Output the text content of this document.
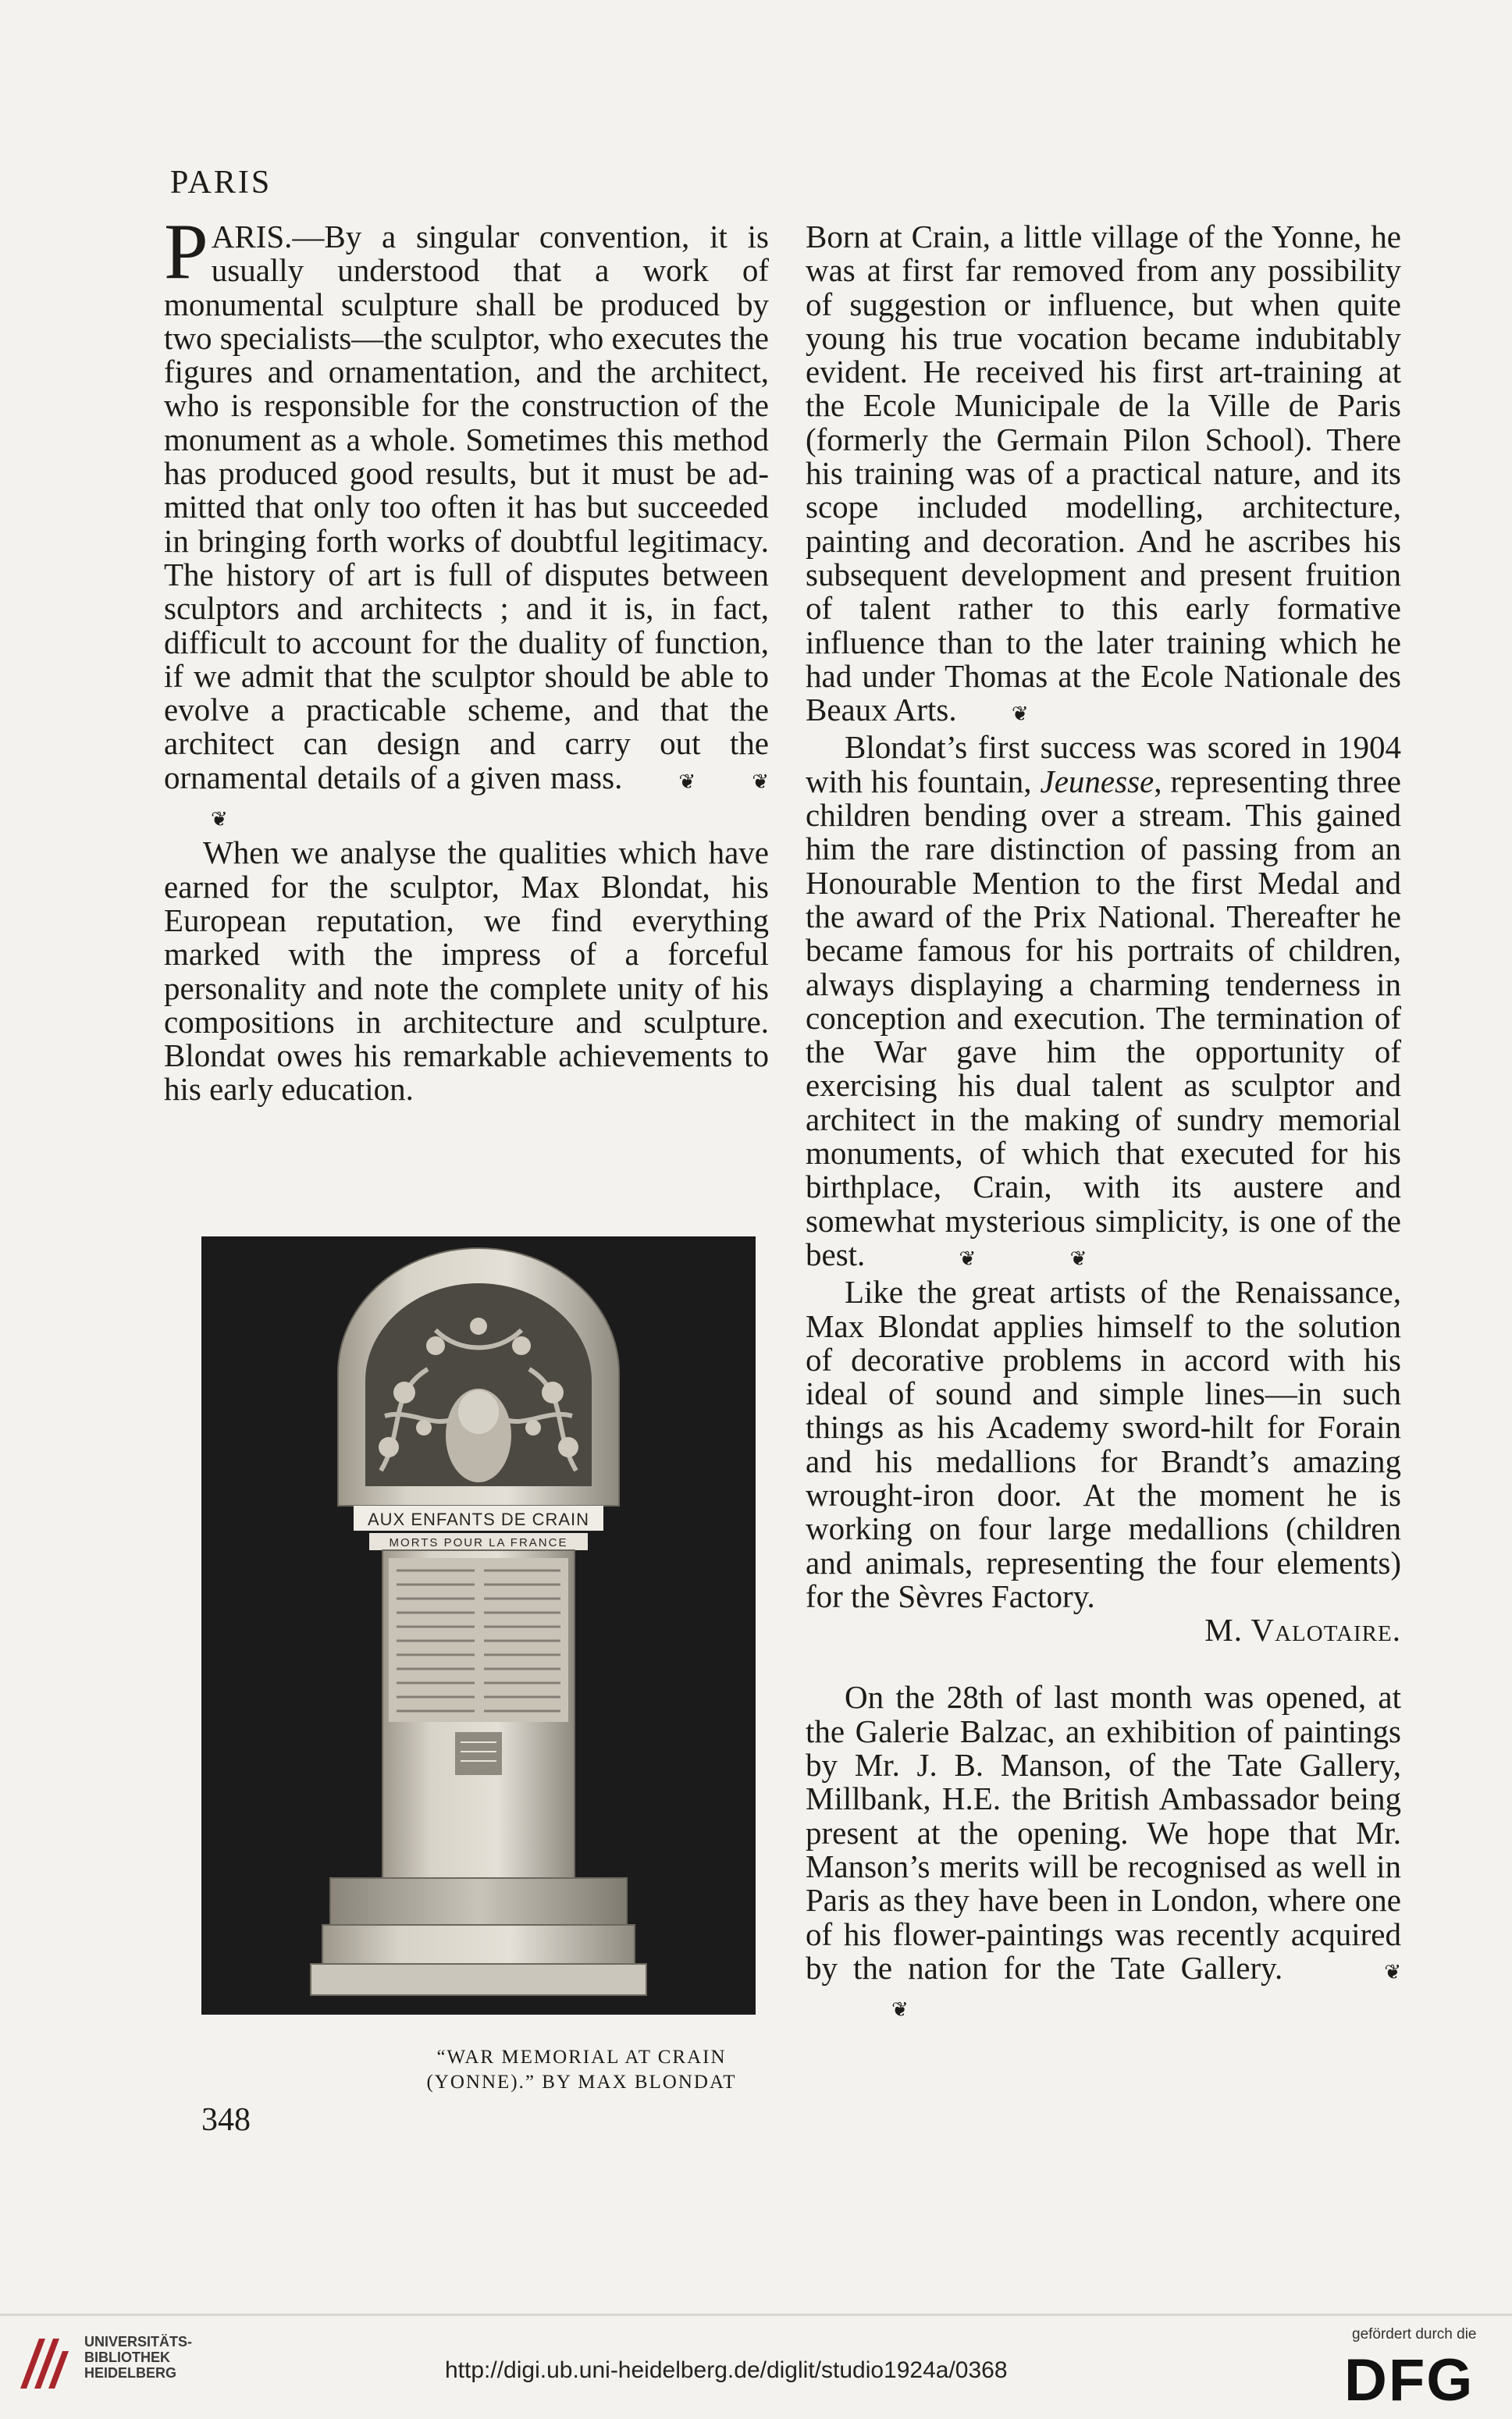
PARIS

PARIS.—By a singular convention, it is usually understood that a work of monumental sculpture shall be produced by two specialists—the sculptor, who executes the figures and ornamentation, and the architect, who is responsible for the construction of the monument as a whole. Sometimes this method has produced good results, but it must be admitted that only too often it has but succeeded in bringing forth works of doubtful legitimacy. The history of art is full of disputes between sculptors and architects ; and it is, in fact, difficult to account for the duality of function, if we admit that the sculptor should be able to evolve a practicable scheme, and that the architect can design and carry out the ornamental details of a given mass.	❦	❦ ❦

When we analyse the qualities which have earned for the sculptor, Max Blondat, his European reputation, we find everything marked with the impress of a forceful personality and note the complete unity of his compositions in architecture and sculpture. Blondat owes his remarkable achievements to his early education.

Born at Crain, a little village of the Yonne, he was at first far removed from any possibility of suggestion or influence, but when quite young his true vocation became indubitably evident. He received his first art-training at the Ecole Municipale de la Ville de Paris (formerly the Germain Pilon School). There his training was of a practical nature, and its scope included modelling, architecture, painting and decoration. And he ascribes his subsequent development and present fruition of talent rather to this early formative influence than to the later training which he had under Thomas at the Ecole Nationale des Beaux Arts.	❦

Blondat’s first success was scored in 1904 with his fountain, Jeunesse, representing three children bending over a stream. This gained him the rare distinction of passing from an Honourable Mention to the first Medal and the award of the Prix National. Thereafter he became famous for his portraits of children, always displaying a charming tenderness in conception and execution. The termination of the War gave him the opportunity of exercising his dual talent as sculptor and architect in the making of sundry memorial monuments, of which that executed for his birthplace, Crain, with its austere and somewhat mysterious simplicity, is one of the best.	❦	❦

Like the great artists of the Renaissance, Max Blondat applies himself to the solution of decorative problems in accord with his ideal of sound and simple lines—in such things as his Academy sword-hilt for Forain and his medallions for Brandt’s amazing wrought-iron door. At the moment he is working on four large medallions (children and animals, representing the four elements) for the Sèvres Factory.
M. Valotaire.

On the 28th of last month was opened, at the Galerie Balzac, an exhibition of paintings by Mr. J. B. Manson, of the Tate Gallery, Millbank, H.E. the British Ambassador being present at the opening. We hope that Mr. Manson’s merits will be recognised as well in Paris as they have been in London, where one of his flower-paintings was recently acquired by the nation for the Tate Gallery.	❦ ❦

AUX ENFANTS DE CRAIN
MORTS POUR LA FRANCE
“WAR MEMORIAL AT CRAIN
(YONNE).” BY MAX BLONDAT
348
UNIVERSITÄTS-
BIBLIOTHEK
HEIDELBERG	http://digi.ub.uni-heidelberg.de/diglit/studio1924a/0368
gefördert durch die
DFG
